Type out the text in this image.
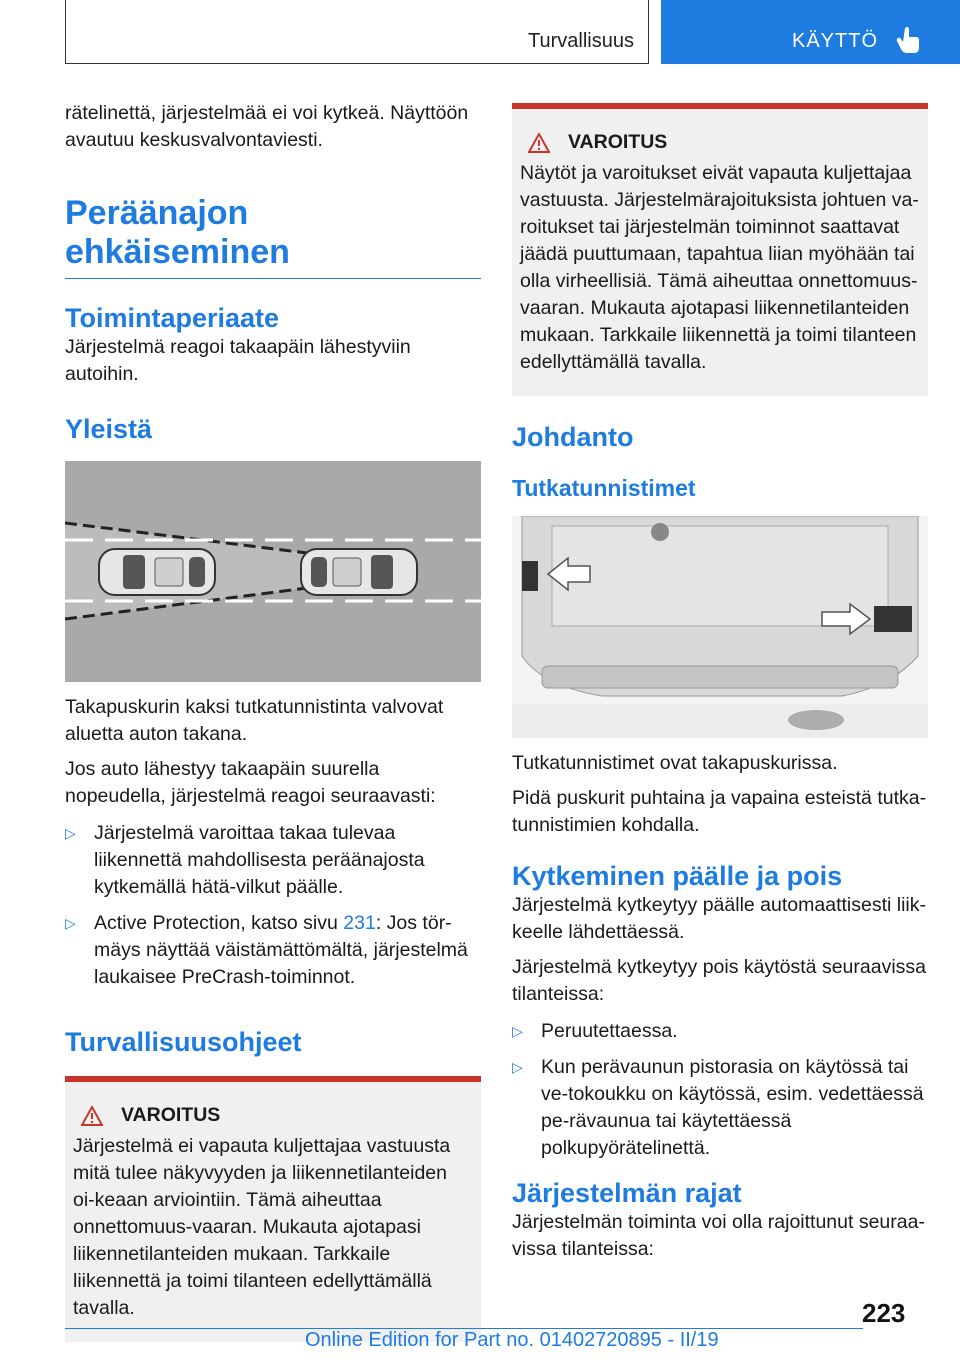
Turvallisuus	KÄYTTÖ

rätelinettä, järjestelmää ei voi kytkeä. Näyttöön avautuu keskusvalvontaviesti.

Peräänajon ehkäiseminen
Toimintaperiaate

Järjestelmä reagoi takaapäin lähestyviin autoihin.

Yleistä

Takapuskurin kaksi tutkatunnistinta valvovat aluetta auton takana.

Jos auto lähestyy takaapäin suurella nopeudella, järjestelmä reagoi seuraavasti:

▷ Järjestelmä varoittaa takaa tulevaa liikennettä mahdollisesta peräänajosta kytkemällä hätä-vilkut päälle.
▷ Active Protection, katso sivu 231: Jos tör-mäys näyttää väistämättömältä, järjestelmä laukaisee PreCrash-toiminnot.
Turvallisuusohjeet
VAROITUS

Järjestelmä ei vapauta kuljettajaa vastuusta mitä tulee näkyvyyden ja liikennetilanteiden oi-keaan arviointiin. Tämä aiheuttaa onnettomuus-vaaran. Mukauta ajotapasi liikennetilanteiden mukaan. Tarkkaile liikennettä ja toimi tilanteen edellyttämällä tavalla.

VAROITUS

Näytöt ja varoitukset eivät vapauta kuljettajaa vastuusta. Järjestelmärajoituksista johtuen va-roitukset tai järjestelmän toiminnot saattavat jäädä puuttumaan, tapahtua liian myöhään tai olla virheellisiä. Tämä aiheuttaa onnettomuus-vaaran. Mukauta ajotapasi liikennetilanteiden mukaan. Tarkkaile liikennettä ja toimi tilanteen edellyttämällä tavalla.

Johdanto
Tutkatunnistimet

Tutkatunnistimet ovat takapuskurissa.

Pidä puskurit puhtaina ja vapaina esteistä tutka-tunnistimien kohdalla.

Kytkeminen päälle ja pois

Järjestelmä kytkeytyy päälle automaattisesti liik-keelle lähdettäessä.

Järjestelmä kytkeytyy pois käytöstä seuraavissa tilanteissa:

▷ Peruutettaessa.
▷ Kun perävaunun pistorasia on käytössä tai ve-tokoukku on käytössä, esim. vedettäessä pe-rävaunua tai käytettäessä polkupyörätelinettä.
Järjestelmän rajat

Järjestelmän toiminta voi olla rajoittunut seuraa-vissa tilanteissa:

223
Online Edition for Part no. 01402720895 - II/19
